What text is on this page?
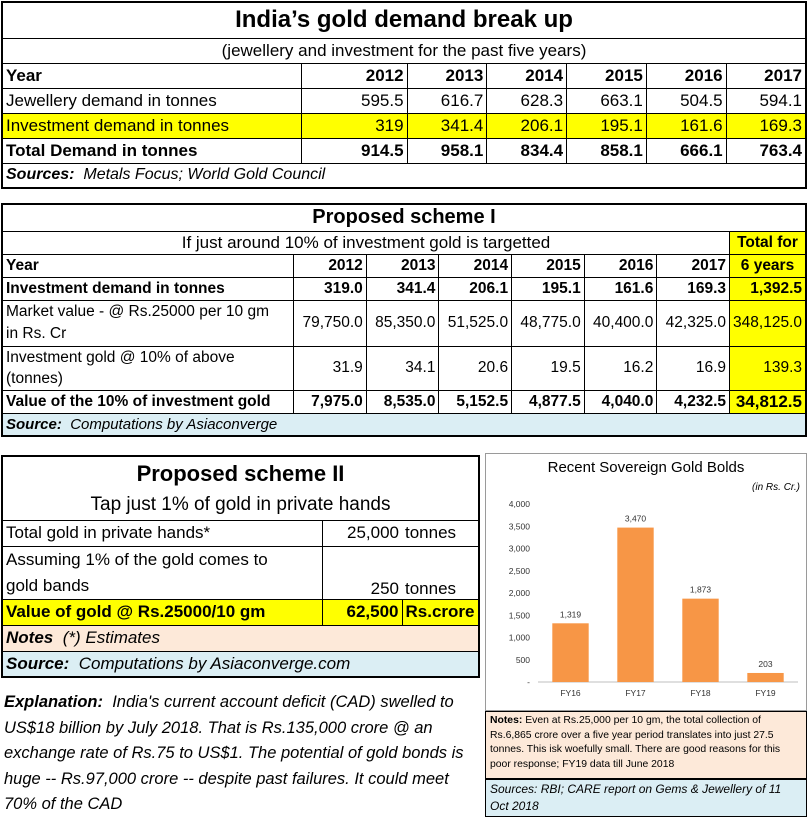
India’s gold demand break up						
(jewellery and investment for the past five years)						
Year	2012	2013	2014	2015	2016	2017
Jewellery demand in tonnes	595.5	616.7	628.3	663.1	504.5	594.1
Investment demand in tonnes	319	341.4	206.1	195.1	161.6	169.3
Total Demand in tonnes	914.5	958.1	834.4	858.1	666.1	763.4
Sources: Metals Focus; World Gold Council						
Proposed scheme I							
If just around 10% of investment gold is targetted							Total for
Year	2012	2013	2014	2015	2016	2017	6 years
Investment demand in tonnes	319.0	341.4	206.1	195.1	161.6	169.3	1,392.5
Market value - @ Rs.25000 per 10 gm
in Rs. Cr	79,750.0	85,350.0	51,525.0	48,775.0	40,400.0	42,325.0	348,125.0
Investment gold @ 10% of above
(tonnes)	31.9	34.1	20.6	19.5	16.2	16.9	139.3
Value of the 10% of investment gold	7,975.0	8,535.0	5,152.5	4,877.5	4,040.0	4,232.5	34,812.5
Source: Computations by Asiaconverge							
Proposed scheme II		
Tap just 1% of gold in private hands		
Total gold in private hands*	25,000	tonnes
Assuming 1% of the gold comes to
gold bands	250	tonnes
Value of gold @ Rs.25000/10 gm	62,500	Rs.crore
Notes (*) Estimates		
Source: Computations by Asiaconverge.com		
Explanation: India's current account deficit (CAD) swelled to US$18 billion by July 2018. That is Rs.135,000 crore @ an exchange rate of Rs.75 to US$1. The potential of gold bonds is huge -- Rs.97,000 crore -- despite past failures. It could meet 70% of the CAD
Recent Sovereign Gold Bolds
(in Rs. Cr.)
-
500
1,000
1,500
2,000
2,500
3,000
3,500
4,000
1,319
FY16
3,470
FY17
1,873
FY18
203
FY19
Notes: Even at Rs.25,000 per 10 gm, the total collection of Rs.6,865 crore over a five year period translates into just 27.5 tonnes. This isk woefully small. There are good reasons for this poor response; FY19 data till June 2018
Sources: RBI; CARE report on Gems & Jewellery of 11 Oct 2018
